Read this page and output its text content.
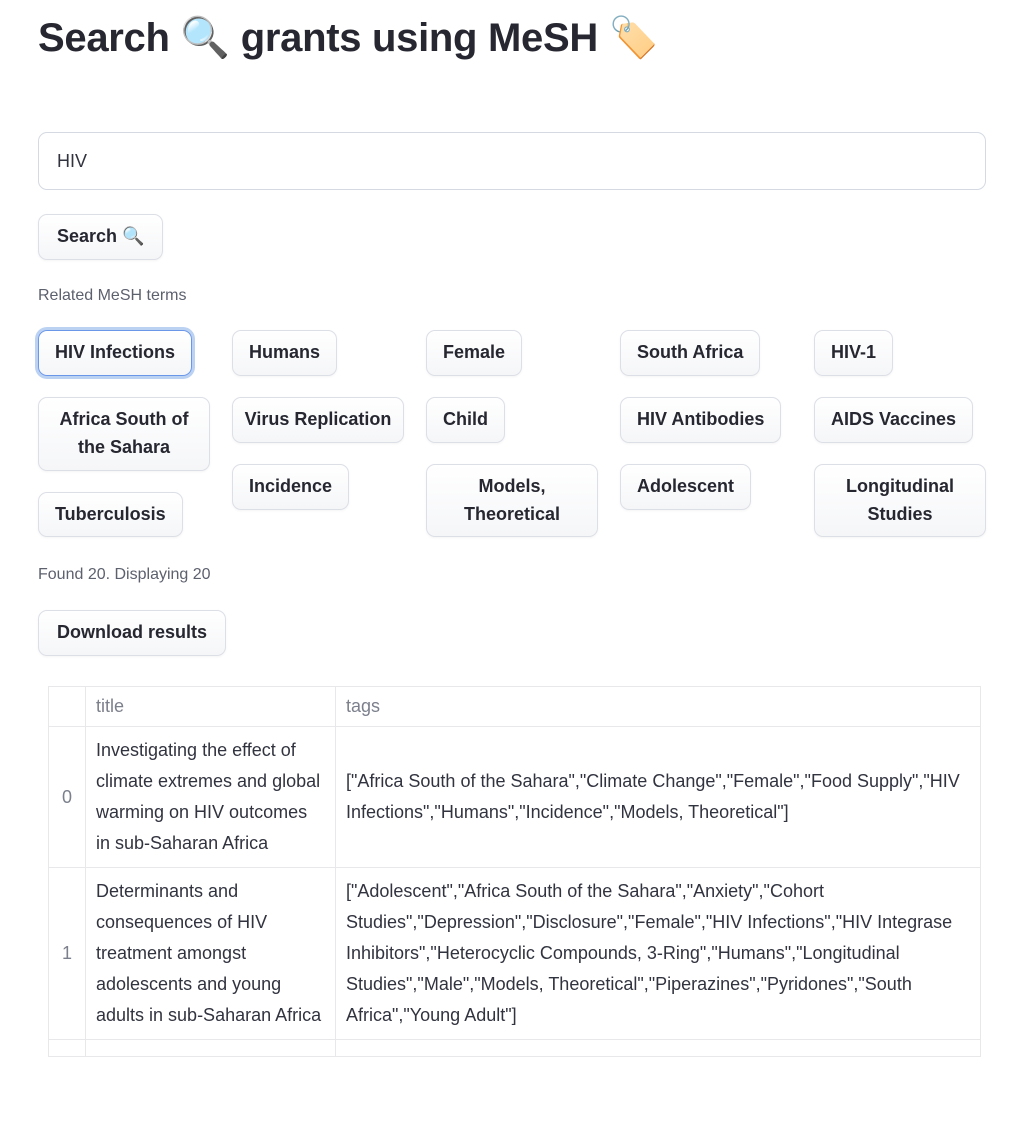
Search 🔍 grants using MeSH 🏷️
HIV Search 🔍
Related MeSH terms
HIV Infections
Africa South of the Sahara
Tuberculosis
Humans
Virus Replication
Incidence
Female
Child
Models, Theoretical
South Africa
HIV Antibodies
Adolescent
HIV-1
AIDS Vaccines
Longitudinal Studies
Found 20. Displaying 20
Download results
	title	tags
0	Investigating the effect of climate extremes and global warming on HIV outcomes in sub-Saharan Africa	["Africa South of the Sahara","Climate Change","Female","Food Supply","HIV Infections","Humans","Incidence","Models, Theoretical"]
1	Determinants and consequences of HIV treatment amongst adolescents and young adults in sub-Saharan Africa	["Adolescent","Africa South of the Sahara","Anxiety","Cohort Studies","Depression","Disclosure","Female","HIV Infections","HIV Integrase Inhibitors","Heterocyclic Compounds, 3-Ring","Humans","Longitudinal Studies","Male","Models, Theoretical","Piperazines","Pyridones","South Africa","Young Adult"]
